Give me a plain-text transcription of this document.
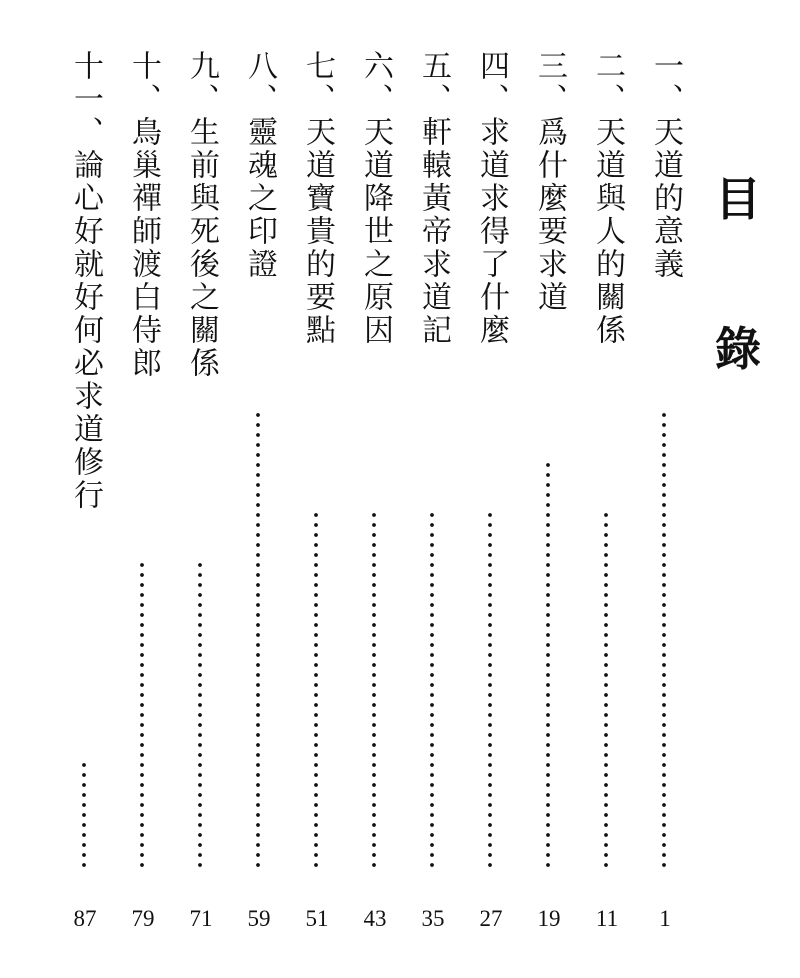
目
錄
一、天道的意義
1
二、天道與人的關係
11
三、爲什麼要求道
19
四、求道求得了什麼
27
五、軒轅黃帝求道記
35
六、天道降世之原因
43
七、天道寶貴的要點
51
八、靈魂之印證
59
九、生前與死後之關係
71
十、鳥巢禪師渡白侍郎
79
十一、論心好就好何必求道修行
87
